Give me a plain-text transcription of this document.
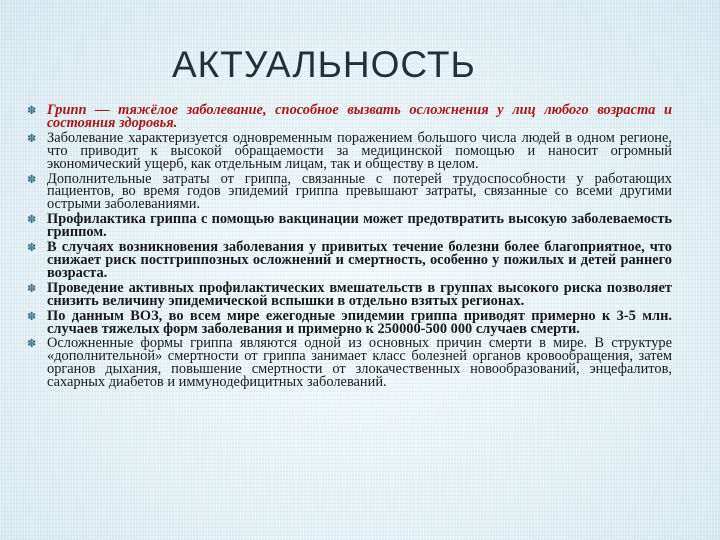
АКТУАЛЬНОСТЬ
✽ Грипп — тяжёлое заболевание, способное вызвать осложнения у лиц любого возраста и состояния здоровья.
✽ Заболевание характеризуется одновременным поражением большого числа людей в одном регионе, что приводит к высокой обращаемости за медицинской помощью и наносит огромный экономический ущерб, как отдельным лицам, так и обществу в целом.
✽ Дополнительные затраты от гриппа, связанные с потерей трудоспособности у работающих пациентов, во время годов эпидемий гриппа превышают затраты, связанные со всеми другими острыми заболеваниями.
✽ Профилактика гриппа с помощью вакцинации может предотвратить высокую заболеваемость гриппом.
✽ В случаях возникновения заболевания у привитых течение болезни более благоприятное, что снижает риск постгриппозных осложнений и смертность, особенно у пожилых и детей раннего возраста.
✽ Проведение активных профилактических вмешательств в группах высокого риска позволяет снизить величину эпидемической вспышки в отдельно взятых регионах.
✽ По данным ВОЗ, во всем мире ежегодные эпидемии гриппа приводят примерно к 3-5 млн. случаев тяжелых форм заболевания и примерно к 250000-500 000 случаев смерти.
✽ Осложненные формы гриппа являются одной из основных причин смерти в мире. В структуре «дополнительной» смертности от гриппа занимает класс болезней органов кровообращения, затем органов дыхания, повышение смертности от злокачественных новообразований, энцефалитов, сахарных диабетов и иммунодефицитных заболеваний.
